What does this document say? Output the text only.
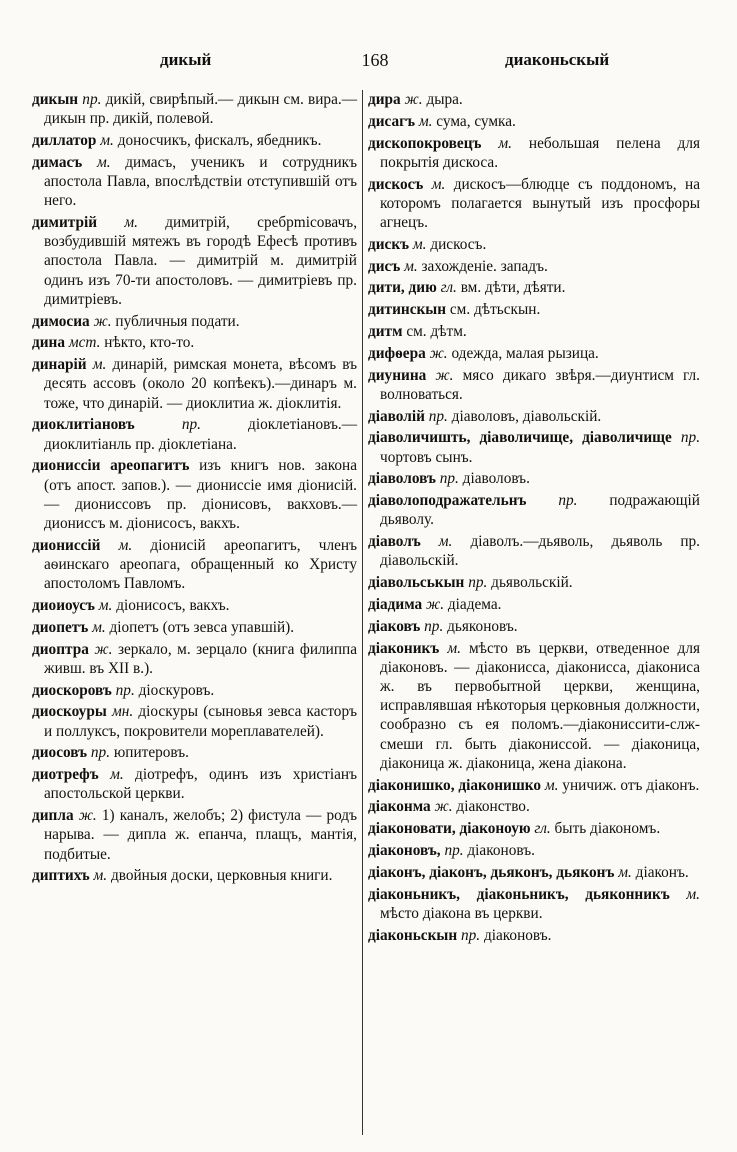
дикый	168	диаконьскый
дикын пр. дикій, свирѣпый.— дикын см. вира.—дикын пр. дикій, полевой.
диллатор м. доносчикъ, фискалъ, ябедникъ.
димасъ м. димасъ, ученикъ и сотрудникъ апостола Павла, впослѣдствіи отступившій отъ него.
димитрій м. димитрій, сребрmicовачъ, возбудившій мятежъ въ городѣ Ефесѣ противъ апостола Павла. — димитрій м. димитрій одинъ изъ 70-ти апостоловъ. — димитріевъ пр. димитріевъ.
димосиа ж. публичныя подати.
дина мст. нѣкто, кто-то.
динарій м. динарій, римская монета, вѣсомъ въ десять ассовъ (около 20 копѣекъ).—динаръ м. тоже, что динарій. — диоклитиа ж. діоклитія.
диоклитіановъ	пр.	діоклетіановъ.— диоклитіанль пр. діоклетіана.
диониссіи ареопагитъ изъ книгъ нов. закона (отъ апост. запов.). — диониссіе имя діонисій. — диониссовъ пр. діонисовъ, вакховъ.—диониссъ м. діонисосъ, вакхъ.
диониссій м. діонисій ареопагитъ, членъ аѳинскаго ареопага, обращенный ко Христу апостоломъ Павломъ.
диоиоусъ м. діонисосъ, вакхъ.
диопетъ м. діопетъ (отъ зевса упавшій).
диоптра ж. зеркало, м. зерцало (книга филиппа живш. въ XII в.).
диоскоровъ пр. діоскуровъ.
диоскоуры мн. діоскуры (сыновья зевса касторъ и поллуксъ, покровители мореплавателей).
диосовъ пр. юпитеровъ.
диотрефъ м. діотрефъ, одинъ изъ христіанъ апостольской церкви.
дипла ж. 1) каналъ, желобъ; 2) фистула — родъ нарыва. — дипла ж. епанча, плащъ, мантія, подбитые.
диптихъ м. двойныя доски, церковныя книги.
дира ж. дыра.
дисагъ м. сума, сумка.
дископокровецъ м. небольшая пелена для покрытія дискоса.
дискосъ м. дискосъ—блюдце съ поддономъ, на которомъ полагается вынутый изъ просфоры агнецъ.
дискъ м. дискосъ.
дисъ м. захожденіе. западъ.
дити, дию гл. вм. дѣти, дѣяти.
дитинскын см. дѣтьскын.
дитм см. дѣтм.
дифѳера ж. одежда, малая рызица.
диунина ж. мясо дикаго звѣря.—диунтисм гл. волноваться.
діаволій пр. діаволовъ, діавольскій.
діаволичишть, діаволичище, діаволичище пр. чортовъ сынъ.
діаволовъ пр. діаволовъ.
діаволоподражательнъ пр. подражающій дьяволу.
діаволъ м. діаволъ.—дьяволь, дьяволь пр. діавольскій.
діавольськын пр. дьявольскій.
діадима ж. діадема.
діаковъ пр. дьяконовъ.
діаконикъ м. мѣсто въ церкви, отведенное для діаконовъ. — діаконисса, діаконисса, діакониса ж. въ первобытной церкви, женщина, исправлявшая нѣкоторыя церковныя должности, сообразно съ ея поломъ.—діакониссити-слж-смеши гл. быть діакониссой. — діаконица, діаконица ж. діаконица, жена діакона.
діаконишко, діаконишко м. уничиж. отъ діаконъ.
діаконма ж. діаконство.
діаконовати, діаконоую гл. быть діакономъ.
діаконовъ, пр. діаконовъ.
діаконъ, діаконъ, дьяконъ, дьяконъ м. діаконъ.
діаконьникъ, діаконьникъ, дьяконникъ м. мѣсто діакона въ церкви.
діаконьскын пр. діаконовъ.
